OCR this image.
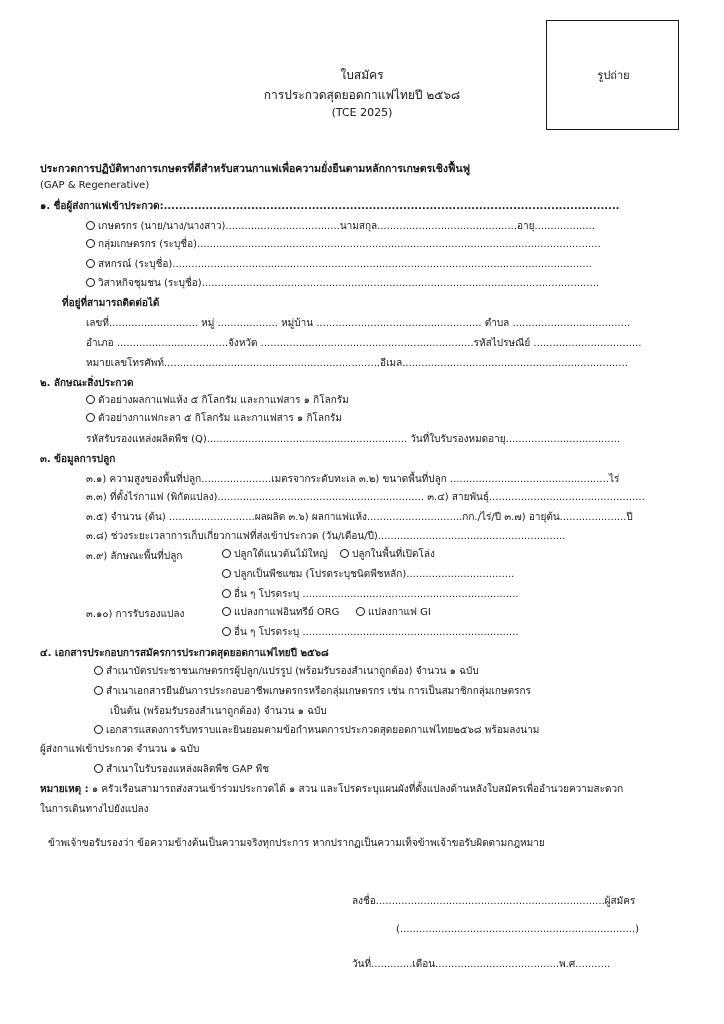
รูปถ่าย
ใบสมัคร
การประกวดสุดยอดกาแฟไทยปี ๒๕๖๘
(TCE 2025)
ประกวดการปฏิบัติทางการเกษตรที่ดีสำหรับสวนกาแฟเพื่อความยั่งยืนตามหลักการเกษตรเชิงฟื้นฟู
(GAP & Regenerative)
๑. ชื่อผู้ส่งกาแฟเข้าประกวด:........................................................................................................................
เกษตรกร (นาย/นาง/นางสาว)....................................นามสกุล............................................อายุ...................
กลุ่มเกษตรกร (ระบุชื่อ)...............................................................................................................................
สหกรณ์ (ระบุชื่อ)....................................................................................................................................
วิสาหกิจชุมชน (ระบุชื่อ).............................................................................................................................
ที่อยู่ที่สามารถติดต่อได้
เลขที่............................ หมู่ ................... หมู่บ้าน .................................................... ตำบล .....................................
อำเภอ ...................................จังหวัด ...................................................................รหัสไปรษณีย์ ..................................
หมายเลขโทรศัพท์....................................................................อีเมล.......................................................................
๒. ลักษณะสิ่งประกวด
ตัวอย่างผลกาแฟแห้ง ๕ กิโลกรัม และกาแฟสาร ๑ กิโลกรัม
ตัวอย่างกาแฟกะลา ๕ กิโลกรัม และกาแฟสาร ๑ กิโลกรัม
รหัสรับรองแหล่งผลิตพืช (Q)............................................................... วันที่ใบรับรองหมดอายุ....................................
๓. ข้อมูลการปลูก
๓.๑) ความสูงของพื้นที่ปลูก......................เมตรจากระดับทะเล ๓.๒) ขนาดพื้นที่ปลูก ..................................................ไร่
๓.๓) ที่ตั้งไร่กาแฟ (พิกัดแปลง)................................................................. ๓.๔) สายพันธุ์.................................................
๓.๕) จำนวน (ต้น) ...........................ผลผลิต ๓.๖) ผลกาแฟแห้ง..............................กก./ไร่/ปี ๓.๗) อายุต้น.....................ปี
๓.๘) ช่วงระยะเวลาการเก็บเกี่ยวกาแฟที่ส่งเข้าประกวด (วัน/เดือน/ปี)...........................................................
๓.๙) ลักษณะพื้นที่ปลูก	ปลูกใต้แนวต้นไม้ใหญ่	ปลูกในพื้นที่เปิดโล่ง
ปลูกเป็นพืชแซม (โปรดระบุชนิดพืชหลัก)..................................
อื่น ๆ โปรดระบุ ....................................................................
๓.๑๐) การรับรองแปลง	แปลงกาแฟอินทรีย์ ORG	แปลงกาแฟ GI
อื่น ๆ โปรดระบุ ....................................................................
๔. เอกสารประกอบการสมัครการประกวดสุดยอดกาแฟไทยปี ๒๕๖๘
สำเนาบัตรประชาชนเกษตรกรผู้ปลูก/แปรรูป (พร้อมรับรองสำเนาถูกต้อง) จำนวน ๑ ฉบับ
สำเนาเอกสารยืนยันการประกอบอาชีพเกษตรกรหรือกลุ่มเกษตรกร เช่น การเป็นสมาชิกกลุ่มเกษตรกร
เป็นต้น (พร้อมรับรองสำเนาถูกต้อง) จำนวน ๑ ฉบับ
เอกสารแสดงการรับทราบและยินยอมตามข้อกำหนดการประกวดสุดยอดกาแฟไทย๒๕๖๘ พร้อมลงนาม
ผู้ส่งกาแฟเข้าประกวด จำนวน ๑ ฉบับ
สำเนาใบรับรองแหล่งผลิตพืช GAP พืช
หมายเหตุ : ๑ ครัวเรือนสามารถส่งสวนเข้าร่วมประกวดได้ ๑ สวน และโปรดระบุแผนผังที่ตั้งแปลงด้านหลังใบสมัครเพื่ออำนวยความสะดวก
ในการเดินทางไปยังแปลง
ข้าพเจ้าขอรับรองว่า ข้อความข้างต้นเป็นความจริงทุกประการ หากปรากฏเป็นความเท็จข้าพเจ้าขอรับผิดตามกฎหมาย
ลงชื่อ........................................................................ผู้สมัคร
(..........................................................................)
วันที่.............เดือน.......................................พ.ศ...........
